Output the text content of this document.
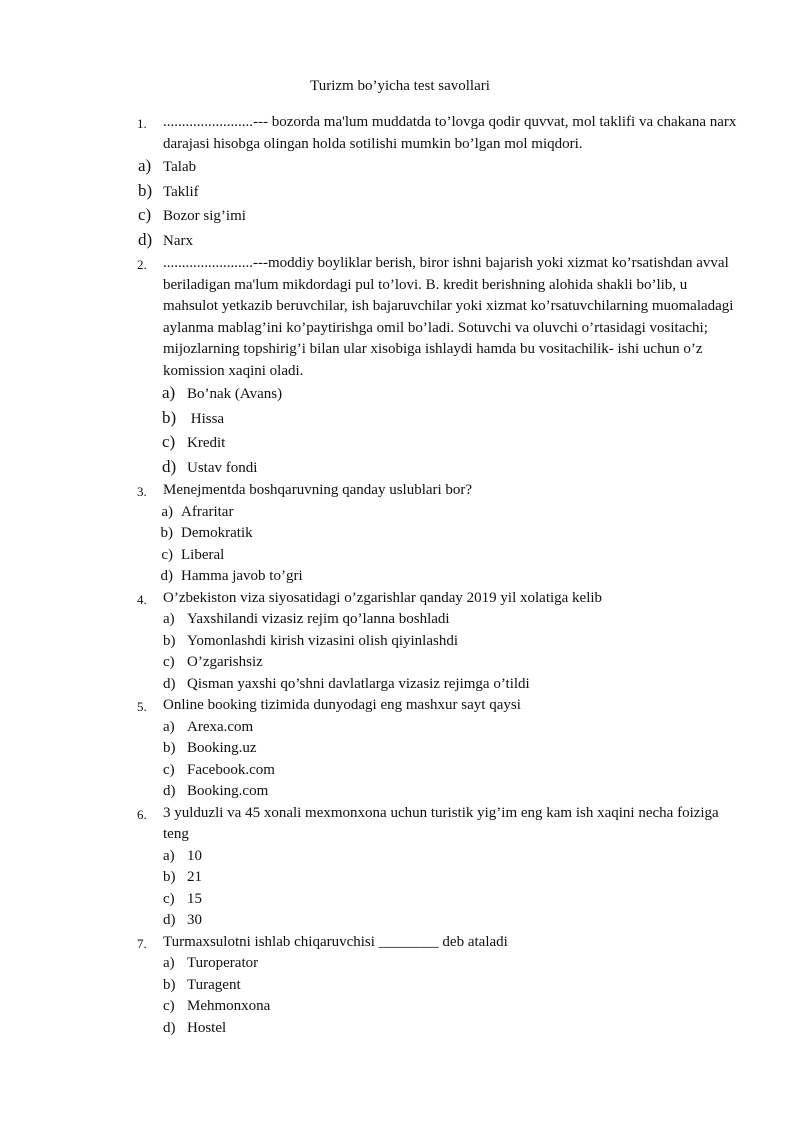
Turizm bo’yicha test savollari
1. ........................--- bozorda ma'lum muddatda to’lovga qodir quvvat, mol taklifi va chakana narx darajasi hisobga olingan holda sotilishi mumkin bo’lgan mol miqdori.
a) Talab
b) Taklif
c) Bozor sig’imi
d) Narx
2. ........................---moddiy boyliklar berish, biror ishni bajarish yoki xizmat ko’rsatishdan avval beriladigan ma'lum mikdordagi pul to’lovi. B. kredit berishning alohida shakli bo’lib, u mahsulot yetkazib beruvchilar, ish bajaruvchilar yoki xizmat ko’rsatuvchilarning muomaladagi aylanma mablag’ini ko’paytirishga omil bo’ladi. Sotuvchi va oluvchi o’rtasidagi vositachi; mijozlarning topshirig’i bilan ular xisobiga ishlaydi hamda bu vositachilik- ishi uchun o’z komission xaqini oladi.
a) Bo’nak (Avans)
b) Hissa
c) Kredit
d) Ustav fondi
3. Menejmentda boshqaruvning qanday uslublari bor?
a) Afraritar
b) Demokratik
c) Liberal
d) Hamma javob to’gri
4. O’zbekiston viza siyosatidagi o’zgarishlar qanday 2019 yil xolatiga kelib
a) Yaxshilandi vizasiz rejim qo’lanna boshladi
b) Yomonlashdi kirish vizasini olish qiyinlashdi
c) O’zgarishsiz
d) Qisman yaxshi qo’shni davlatlarga vizasiz rejimga o’tildi
5. Online booking tizimida dunyodagi eng mashxur sayt qaysi
a) Arexa.com
b) Booking.uz
c) Facebook.com
d) Booking.com
6. 3 yulduzli va 45 xonali mexmonxona uchun turistik yig’im eng kam ish xaqini necha foiziga teng
a) 10
b) 21
c) 15
d) 30
7. Turmaxsulotni ishlab chiqaruvchisi ________ deb ataladi
a) Turoperator
b) Turagent
c) Mehmonxona
d) Hostel
